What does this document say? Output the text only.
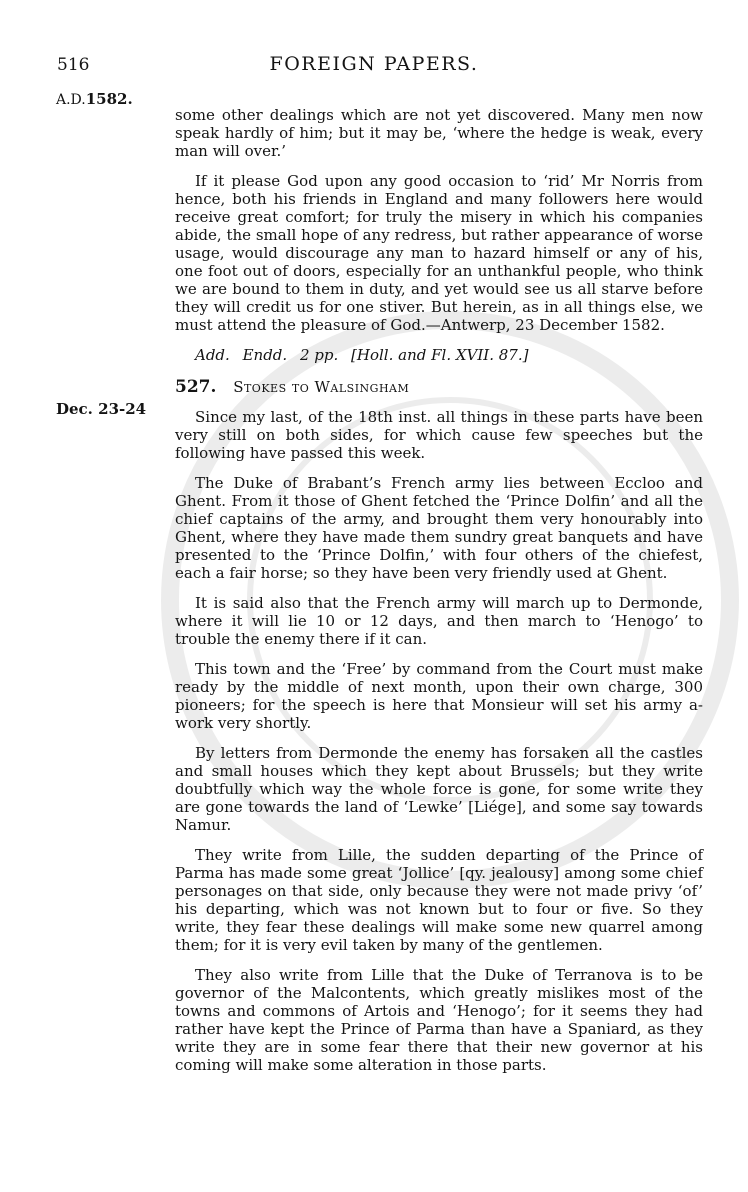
516	FOREIGN PAPERS.
A.D.1582.
Dec. 23-24

some other dealings which are not yet discovered. Many men now speak hardly of him; but it may be, ‘where the hedge is weak, every man will over.’

If it please God upon any good occasion to ‘rid’ Mr Norris from hence, both his friends in England and many followers here would receive great comfort; for truly the misery in which his companies abide, the small hope of any redress, but rather appearance of worse usage, would discourage any man to hazard himself or any of his, one foot out of doors, especially for an unthankful people, who think we are bound to them in duty, and yet would see us all starve before they will credit us for one stiver. But herein, as in all things else, we must attend the pleasure of God.—Antwerp, 23 December 1582.

Add. Endd. 2 pp. [Holl. and Fl. XVII. 87.]

527. Stokes to Walsingham

Since my last, of the 18th inst. all things in these parts have been very still on both sides, for which cause few speeches but the following have passed this week.

The Duke of Brabant’s French army lies between Eccloo and Ghent. From it those of Ghent fetched the ‘Prince Dolfin’ and all the chief captains of the army, and brought them very honourably into Ghent, where they have made them sundry great banquets and have presented to the ‘Prince Dolfin,’ with four others of the chiefest, each a fair horse; so they have been very friendly used at Ghent.

It is said also that the French army will march up to Dermonde, where it will lie 10 or 12 days, and then march to ‘Henogo’ to trouble the enemy there if it can.

This town and the ‘Free’ by command from the Court must make ready by the middle of next month, upon their own charge, 300 pioneers; for the speech is here that Monsieur will set his army a-work very shortly.

By letters from Dermonde the enemy has forsaken all the castles and small houses which they kept about Brussels; but they write doubtfully which way the whole force is gone, for some write they are gone towards the land of ‘Lewke’ [Liége], and some say towards Namur.

They write from Lille, the sudden departing of the Prince of Parma has made some great ‘Jollice’ [qy. jealousy] among some chief personages on that side, only because they were not made privy ‘of’ his departing, which was not known but to four or five. So they write, they fear these dealings will make some new quarrel among them; for it is very evil taken by many of the gentlemen.

They also write from Lille that the Duke of Terranova is to be governor of the Malcontents, which greatly mislikes most of the towns and commons of Artois and ‘Henogo’; for it seems they had rather have kept the Prince of Parma than have a Spaniard, as they write they are in some fear there that their new governor at his coming will make some alteration in those parts.
